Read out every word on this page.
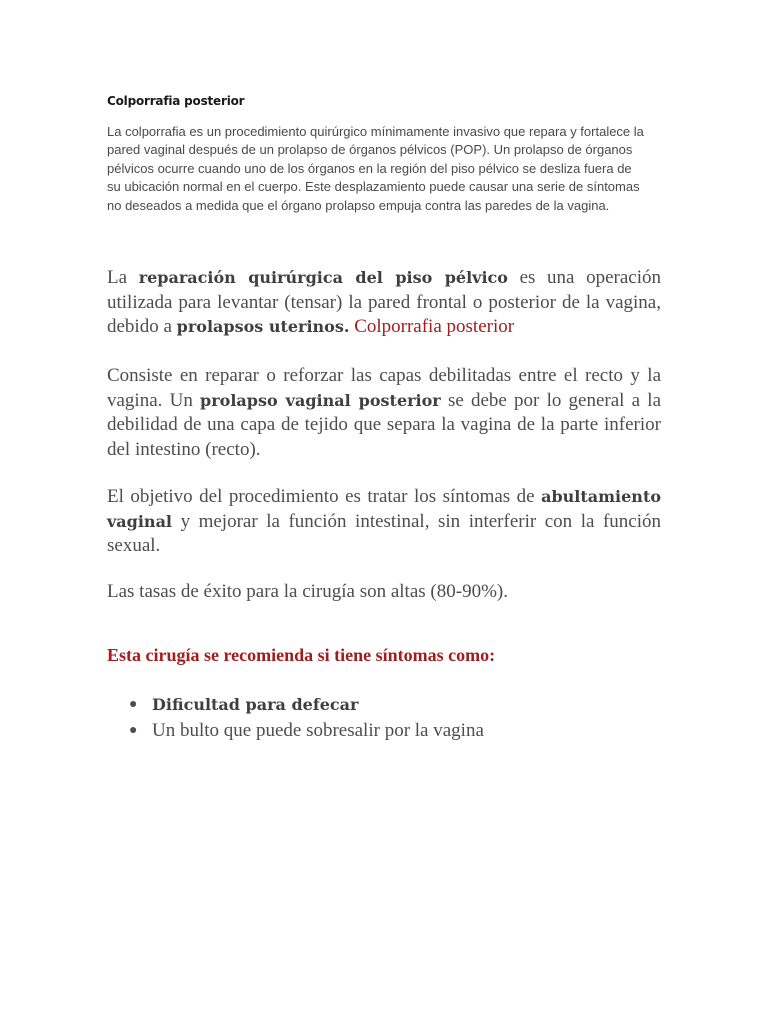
Colporrafia posterior

La colporrafia es un procedimiento quirúrgico mínimamente invasivo que repara y fortalece la pared vaginal después de un prolapso de órganos pélvicos (POP). Un prolapso de órganos pélvicos ocurre cuando uno de los órganos en la región del piso pélvico se desliza fuera de su ubicación normal en el cuerpo. Este desplazamiento puede causar una serie de síntomas no deseados a medida que el órgano prolapso empuja contra las paredes de la vagina.

La reparación quirúrgica del piso pélvico es una operación utilizada para levantar (tensar) la pared frontal o posterior de la vagina, debido a prolapsos uterinos. Colporrafia posterior

Consiste en reparar o reforzar las capas debilitadas entre el recto y la vagina. Un prolapso vaginal posterior se debe por lo general a la debilidad de una capa de tejido que separa la vagina de la parte inferior del intestino (recto).

El objetivo del procedimiento es tratar los síntomas de abultamiento vaginal y mejorar la función intestinal, sin interferir con la función sexual.

Las tasas de éxito para la cirugía son altas (80-90%).

Esta cirugía se recomienda si tiene síntomas como:

● Dificultad para defecar
● Un bulto que puede sobresalir por la vagina
